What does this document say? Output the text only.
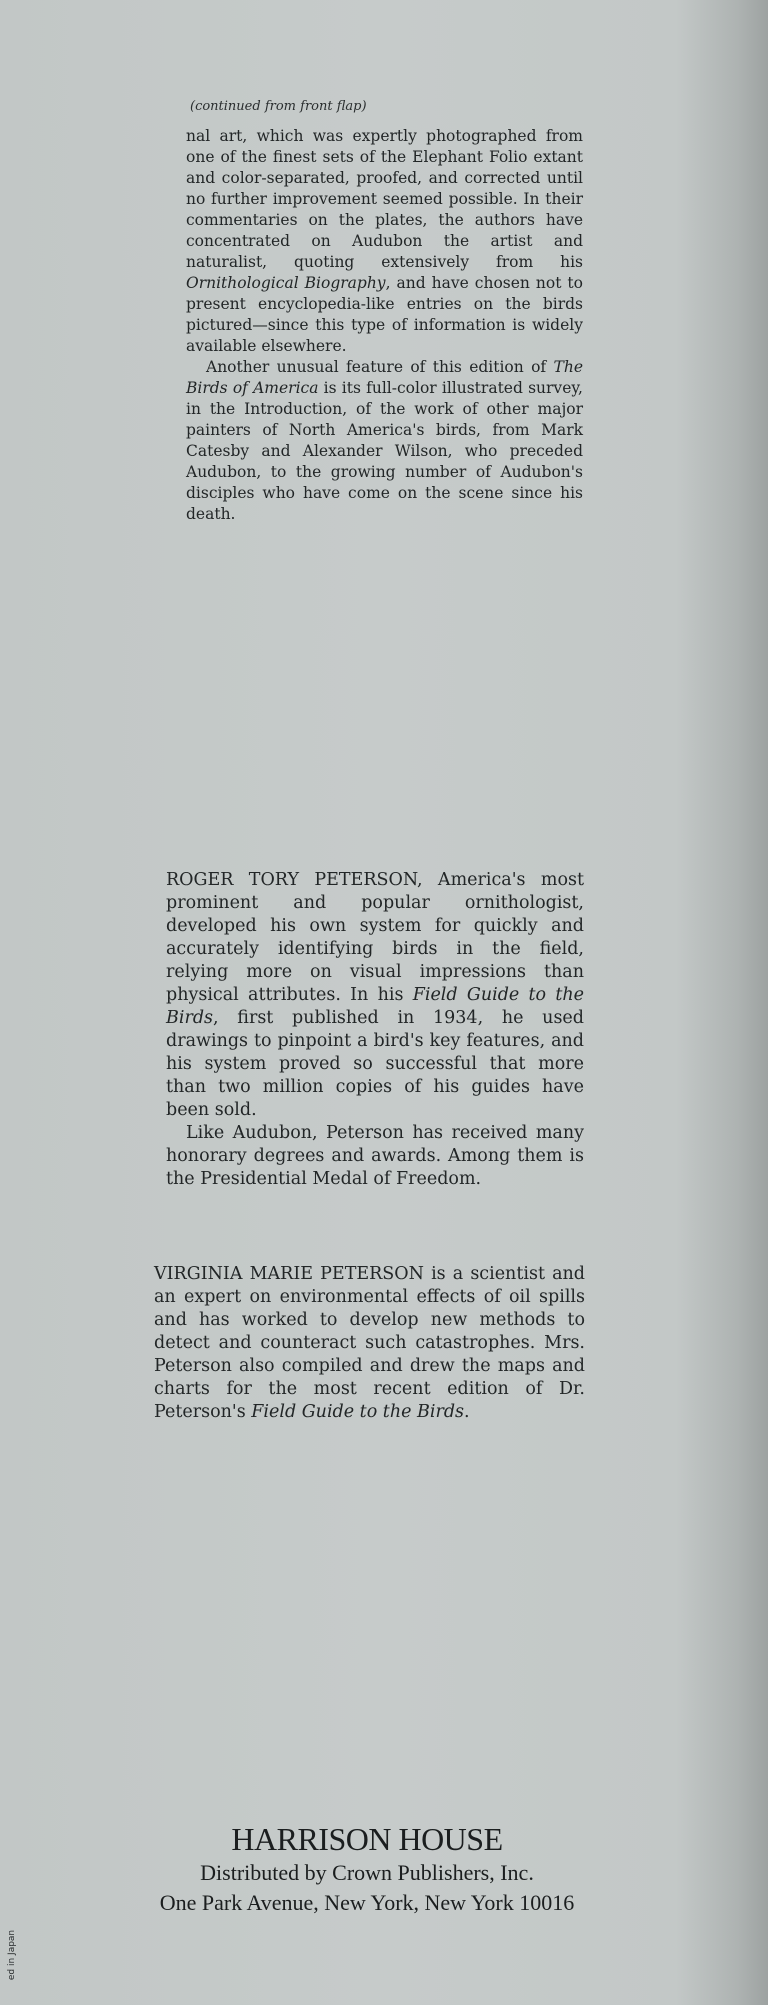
(continued from front flap)

nal art, which was expertly photographed from one of the finest sets of the Elephant Folio extant and color-separated, proofed, and corrected until no further improvement seemed possible. In their commentaries on the plates, the authors have concentrated on Audubon the artist and naturalist, quoting extensively from his Ornithological Biography, and have chosen not to present encyclopedia-like entries on the birds pictured—since this type of information is widely available elsewhere.

Another unusual feature of this edition of The Birds of America is its full-color illustrated survey, in the Introduction, of the work of other major painters of North America's birds, from Mark Catesby and Alexander Wilson, who preceded Audubon, to the growing number of Audubon's disciples who have come on the scene since his death.

ROGER TORY PETERSON, America's most prominent and popular ornithologist, developed his own system for quickly and accurately identifying birds in the field, relying more on visual impressions than physical attributes. In his Field Guide to the Birds, first published in 1934, he used drawings to pinpoint a bird's key features, and his system proved so successful that more than two million copies of his guides have been sold.

Like Audubon, Peterson has received many honorary degrees and awards. Among them is the Presidential Medal of Freedom.

VIRGINIA MARIE PETERSON is a scientist and an expert on environmental effects of oil spills and has worked to develop new methods to detect and counteract such catastrophes. Mrs. Peterson also compiled and drew the maps and charts for the most recent edition of Dr. Peterson's Field Guide to the Birds.

HARRISON HOUSE
Distributed by Crown Publishers, Inc.
One Park Avenue, New York, New York 10016
ed in Japan
